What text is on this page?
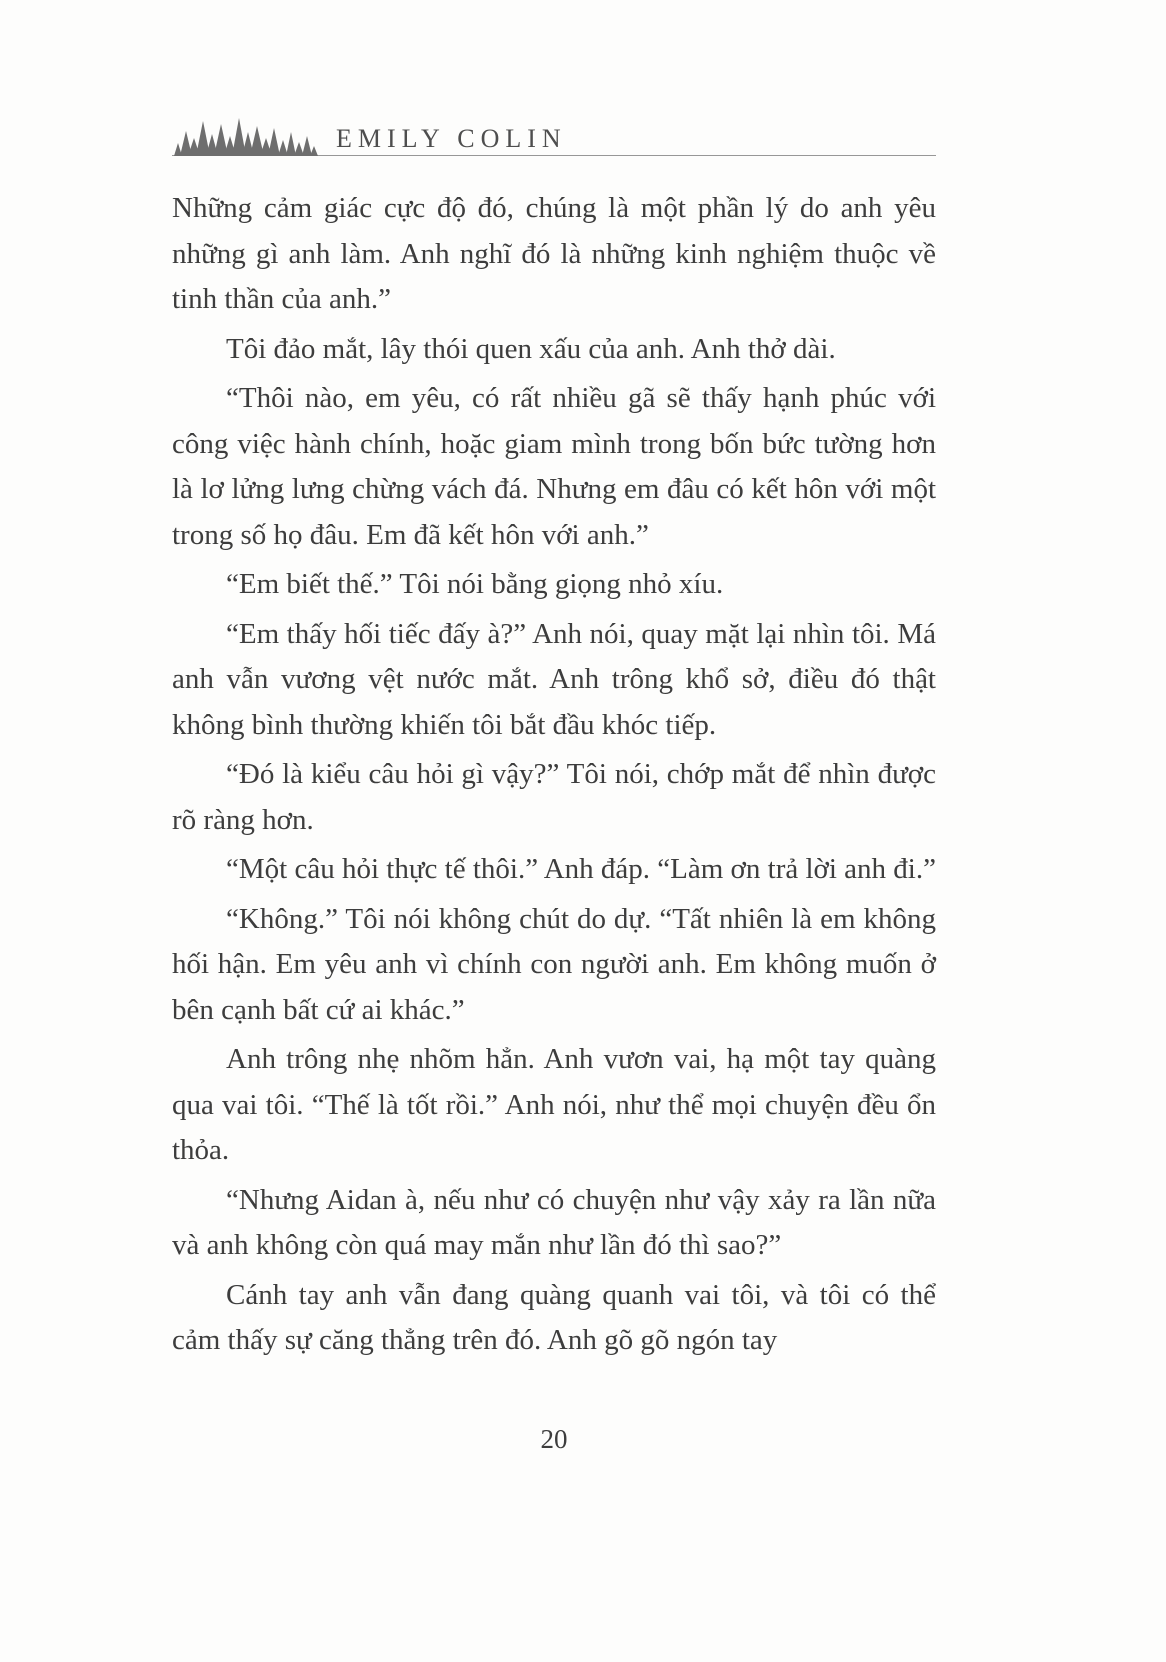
EMILY COLIN

Những cảm giác cực độ đó, chúng là một phần lý do anh yêu những gì anh làm. Anh nghĩ đó là những kinh nghiệm thuộc về tinh thần của anh.”

Tôi đảo mắt, lây thói quen xấu của anh. Anh thở dài.

“Thôi nào, em yêu, có rất nhiều gã sẽ thấy hạnh phúc với công việc hành chính, hoặc giam mình trong bốn bức tường hơn là lơ lửng lưng chừng vách đá. Nhưng em đâu có kết hôn với một trong số họ đâu. Em đã kết hôn với anh.”

“Em biết thế.” Tôi nói bằng giọng nhỏ xíu.

“Em thấy hối tiếc đấy à?” Anh nói, quay mặt lại nhìn tôi. Má anh vẫn vương vệt nước mắt. Anh trông khổ sở, điều đó thật không bình thường khiến tôi bắt đầu khóc tiếp.

“Đó là kiểu câu hỏi gì vậy?” Tôi nói, chớp mắt để nhìn được rõ ràng hơn.

“Một câu hỏi thực tế thôi.” Anh đáp. “Làm ơn trả lời anh đi.”

“Không.” Tôi nói không chút do dự. “Tất nhiên là em không hối hận. Em yêu anh vì chính con người anh. Em không muốn ở bên cạnh bất cứ ai khác.”

Anh trông nhẹ nhõm hẳn. Anh vươn vai, hạ một tay quàng qua vai tôi. “Thế là tốt rồi.” Anh nói, như thể mọi chuyện đều ổn thỏa.

“Nhưng Aidan à, nếu như có chuyện như vậy xảy ra lần nữa và anh không còn quá may mắn như lần đó thì sao?”

Cánh tay anh vẫn đang quàng quanh vai tôi, và tôi có thể cảm thấy sự căng thẳng trên đó. Anh gõ gõ ngón tay

20
